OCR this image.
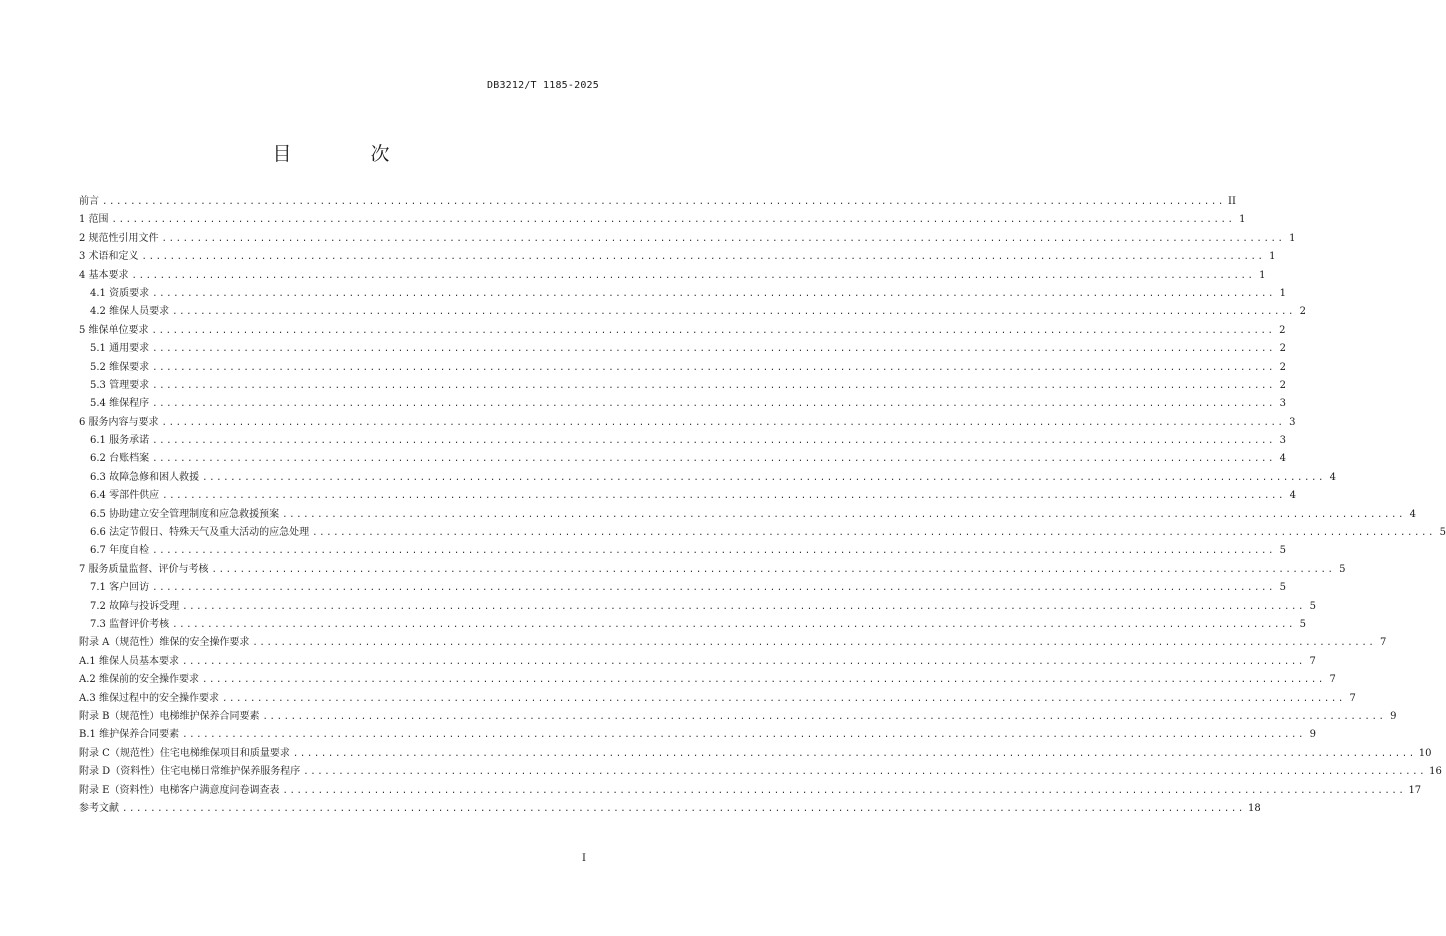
DB3212/T 1185-2025
目　次
前言 ................................................................................................................................................................ II
1 范围 ................................................................................................................................................................ 1
2 规范性引用文件 ................................................................................................................................................................ 1
3 术语和定义 ................................................................................................................................................................ 1
4 基本要求 ................................................................................................................................................................ 1
4.1 资质要求 ................................................................................................................................................................ 1
4.2 维保人员要求 ................................................................................................................................................................ 2
5 维保单位要求 ................................................................................................................................................................ 2
5.1 通用要求 ................................................................................................................................................................ 2
5.2 维保要求 ................................................................................................................................................................ 2
5.3 管理要求 ................................................................................................................................................................ 2
5.4 维保程序 ................................................................................................................................................................ 3
6 服务内容与要求 ................................................................................................................................................................ 3
6.1 服务承诺 ................................................................................................................................................................ 3
6.2 台账档案 ................................................................................................................................................................ 4
6.3 故障急修和困人救援 ................................................................................................................................................................ 4
6.4 零部件供应 ................................................................................................................................................................ 4
6.5 协助建立安全管理制度和应急救援预案 ................................................................................................................................................................ 4
6.6 法定节假日、特殊天气及重大活动的应急处理 ................................................................................................................................................................ 5
6.7 年度自检 ................................................................................................................................................................ 5
7 服务质量监督、评价与考核 ................................................................................................................................................................ 5
7.1 客户回访 ................................................................................................................................................................ 5
7.2 故障与投诉受理 ................................................................................................................................................................ 5
7.3 监督评价考核 ................................................................................................................................................................ 5
附录 A（规范性）维保的安全操作要求 ................................................................................................................................................................ 7
A.1 维保人员基本要求 ................................................................................................................................................................ 7
A.2 维保前的安全操作要求 ................................................................................................................................................................ 7
A.3 维保过程中的安全操作要求 ................................................................................................................................................................ 7
附录 B（规范性）电梯维护保养合同要素 ................................................................................................................................................................ 9
B.1 维护保养合同要素 ................................................................................................................................................................ 9
附录 C（规范性）住宅电梯维保项目和质量要求 ................................................................................................................................................................ 10
附录 D（资料性）住宅电梯日常维护保养服务程序 ................................................................................................................................................................ 16
附录 E（资料性）电梯客户满意度问卷调查表 ................................................................................................................................................................ 17
参考文献 ................................................................................................................................................................ 18
I
